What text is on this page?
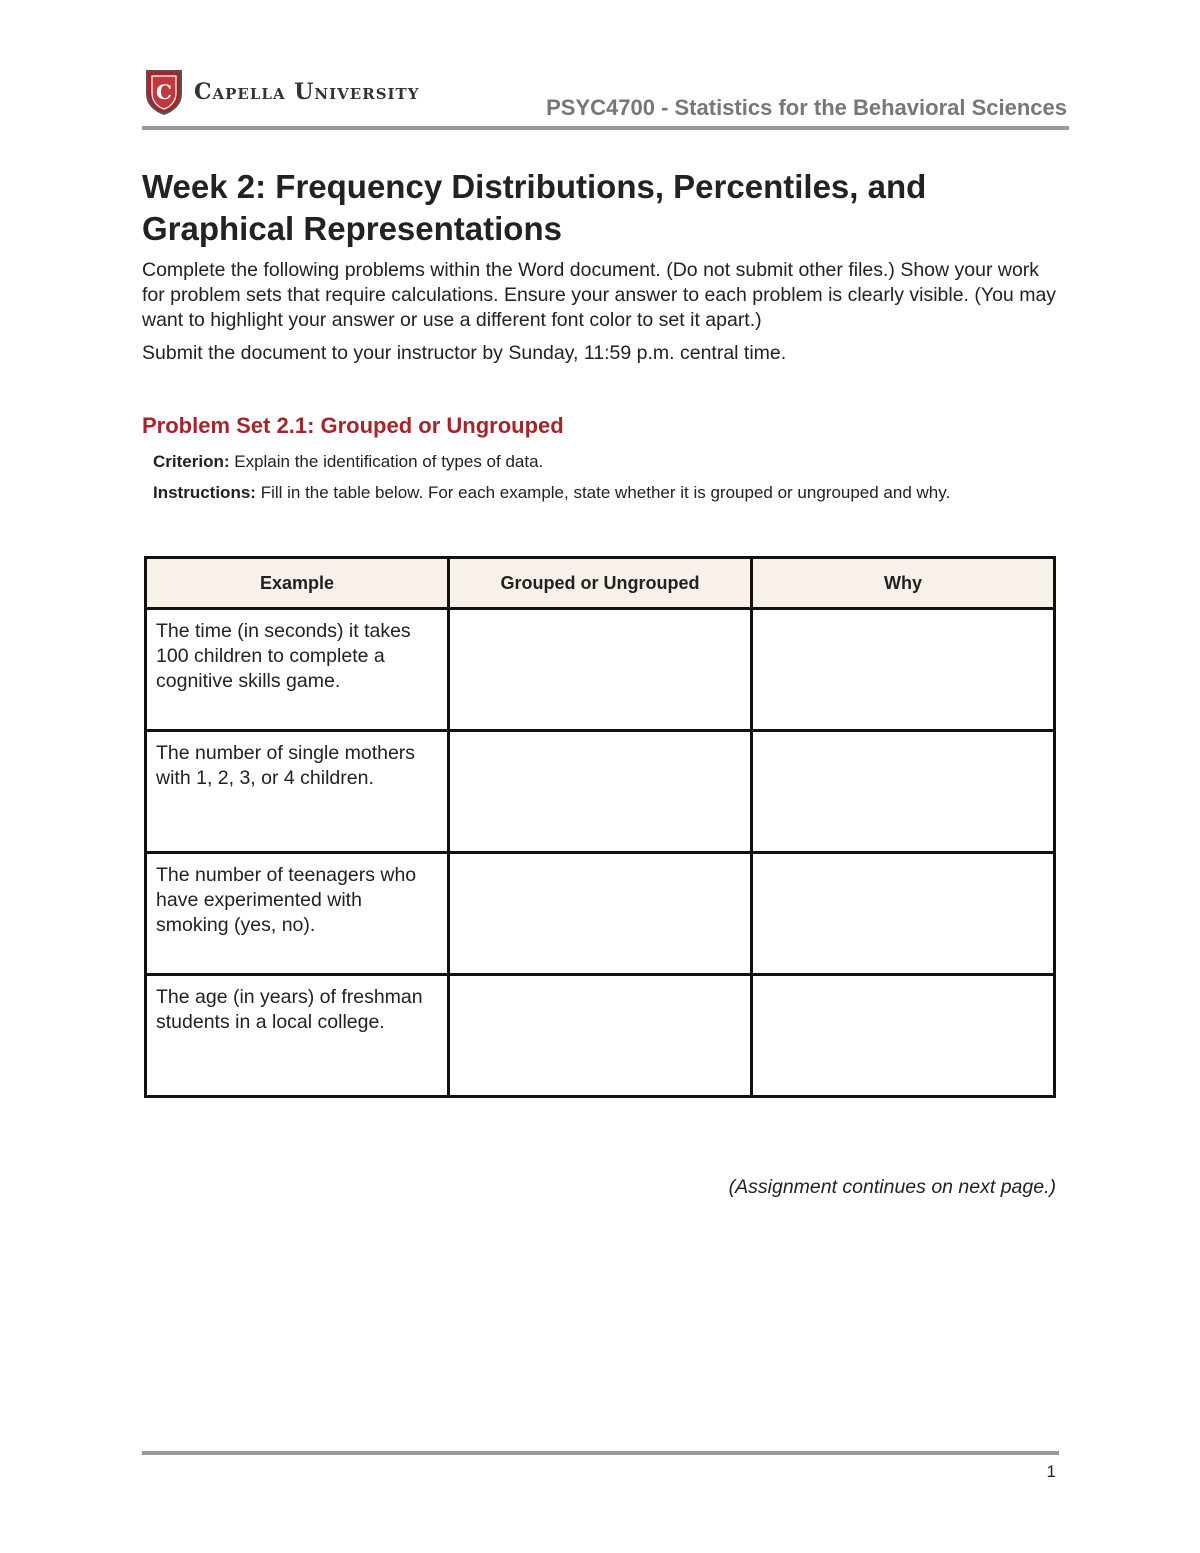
C Capella University
PSYC4700 - Statistics for the Behavioral Sciences
Week 2: Frequency Distributions, Percentiles, and Graphical Representations

Complete the following problems within the Word document. (Do not submit other files.) Show your work for problem sets that require calculations. Ensure your answer to each problem is clearly visible. (You may want to highlight your answer or use a different font color to set it apart.)

Submit the document to your instructor by Sunday, 11:59 p.m. central time.

Problem Set 2.1: Grouped or Ungrouped

Criterion: Explain the identification of types of data.

Instructions: Fill in the table below. For each example, state whether it is grouped or ungrouped and why.

Example	Grouped or Ungrouped	Why
The time (in seconds) it takes 100 children to complete a cognitive skills game.		
The number of single mothers with 1, 2, 3, or 4 children.		
The number of teenagers who have experimented with smoking (yes, no).		
The age (in years) of freshman students in a local college.		
(Assignment continues on next page.)
1
